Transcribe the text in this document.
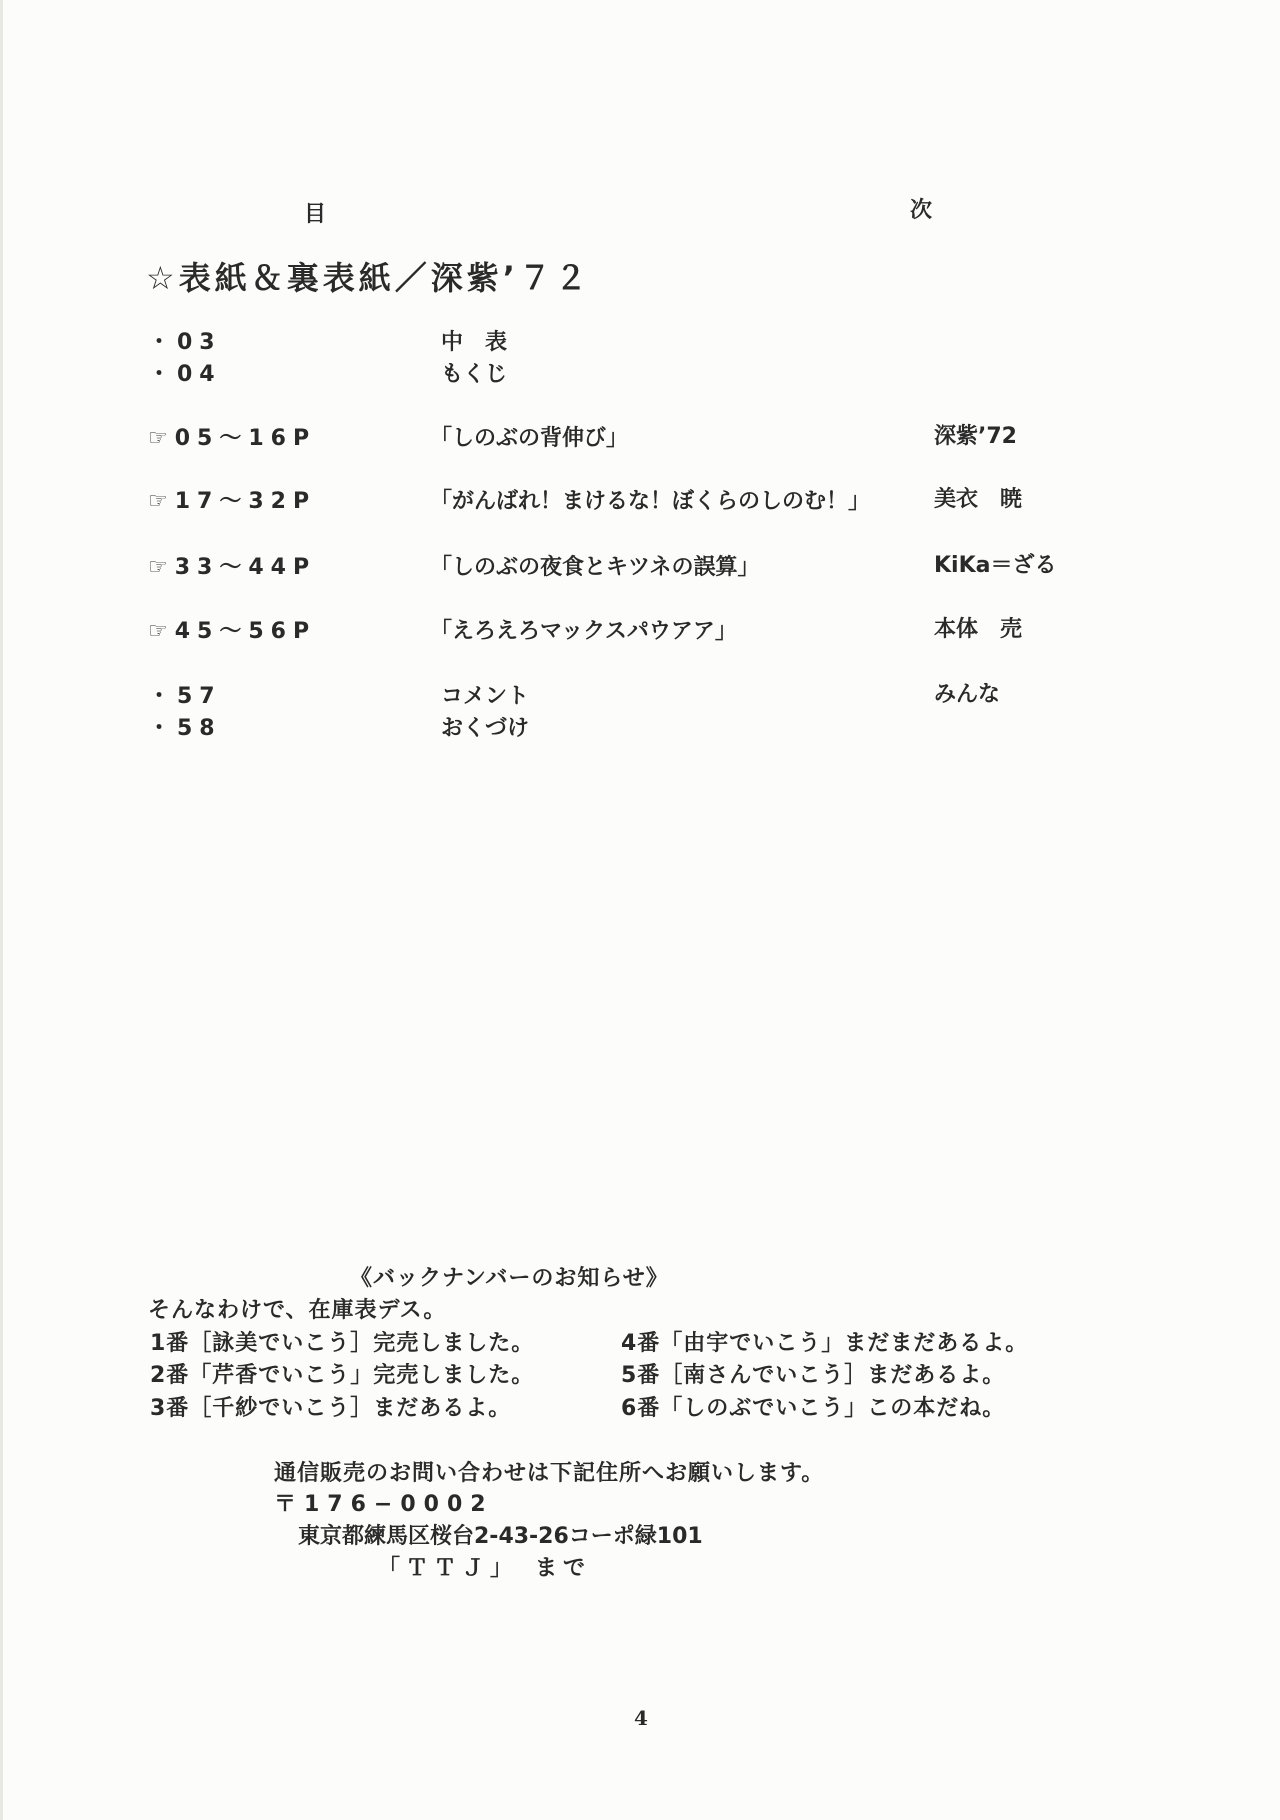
目	次
☆表紙＆裏表紙／深紫’７２
・03	中　表
・04	もくじ
☞05～16P	「しのぶの背伸び」	深紫’72
☞17～32P	「がんばれ！まけるな！ぼくらのしのむ！」	美衣　暁
☞33～44P	「しのぶの夜食とキツネの誤算」	KiKa＝ざる
☞45～56P	「えろえろマックスパウアア」	本体　売
・57	コメント	みんな
・58	おくづけ
《バックナンバーのお知らせ》
そんなわけで、在庫表デス。
1番［詠美でいこう］完売しました。
2番「芹香でいこう」完売しました。
3番［千紗でいこう］まだあるよ。
4番「由宇でいこう」まだまだあるよ。
5番［南さんでいこう］まだあるよ。
6番「しのぶでいこう」この本だね。
通信販売のお問い合わせは下記住所へお願いします。
〒176−0002
東京都練馬区桜台2-43-26コーポ緑101
「ＴＴＪ」　まで
4
